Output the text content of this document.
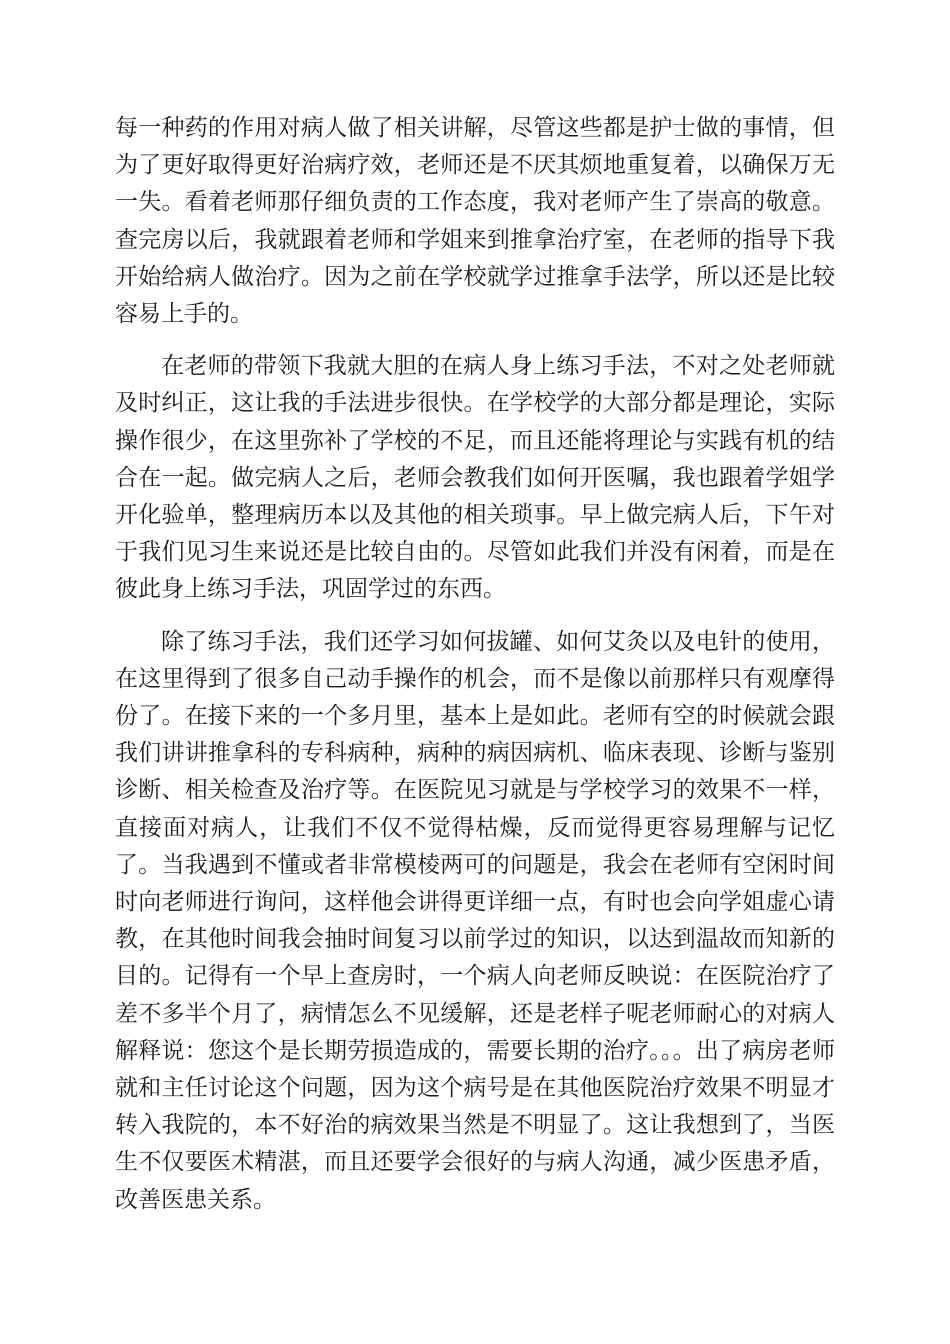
每一种药的作用对病人做了相关讲解，尽管这些都是护士做的事情，但为了更好取得更好治病疗效，老师还是不厌其烦地重复着，以确保万无一失。看着老师那仔细负责的工作态度，我对老师产生了崇高的敬意。查完房以后，我就跟着老师和学姐来到推拿治疗室，在老师的指导下我开始给病人做治疗。因为之前在学校就学过推拿手法学，所以还是比较容易上手的。

在老师的带领下我就大胆的在病人身上练习手法，不对之处老师就及时纠正，这让我的手法进步很快。在学校学的大部分都是理论，实际操作很少，在这里弥补了学校的不足，而且还能将理论与实践有机的结合在一起。做完病人之后，老师会教我们如何开医嘱，我也跟着学姐学开化验单，整理病历本以及其他的相关琐事。早上做完病人后，下午对于我们见习生来说还是比较自由的。尽管如此我们并没有闲着，而是在彼此身上练习手法，巩固学过的东西。

除了练习手法，我们还学习如何拔罐、如何艾灸以及电针的使用，在这里得到了很多自己动手操作的机会，而不是像以前那样只有观摩得份了。在接下来的一个多月里，基本上是如此。老师有空的时候就会跟我们讲讲推拿科的专科病种，病种的病因病机、临床表现、诊断与鉴别诊断、相关检查及治疗等。在医院见习就是与学校学习的效果不一样，直接面对病人，让我们不仅不觉得枯燥，反而觉得更容易理解与记忆了。当我遇到不懂或者非常模棱两可的问题是，我会在老师有空闲时间时向老师进行询问，这样他会讲得更详细一点，有时也会向学姐虚心请教，在其他时间我会抽时间复习以前学过的知识，以达到温故而知新的目的。记得有一个早上查房时，一个病人向老师反映说：在医院治疗了差不多半个月了，病情怎么不见缓解，还是老样子呢老师耐心的对病人解释说：您这个是长期劳损造成的，需要长期的治疗。。。出了病房老师就和主任讨论这个问题，因为这个病号是在其他医院治疗效果不明显才转入我院的，本不好治的病效果当然是不明显了。这让我想到了，当医生不仅要医术精湛，而且还要学会很好的与病人沟通，减少医患矛盾，改善医患关系。
